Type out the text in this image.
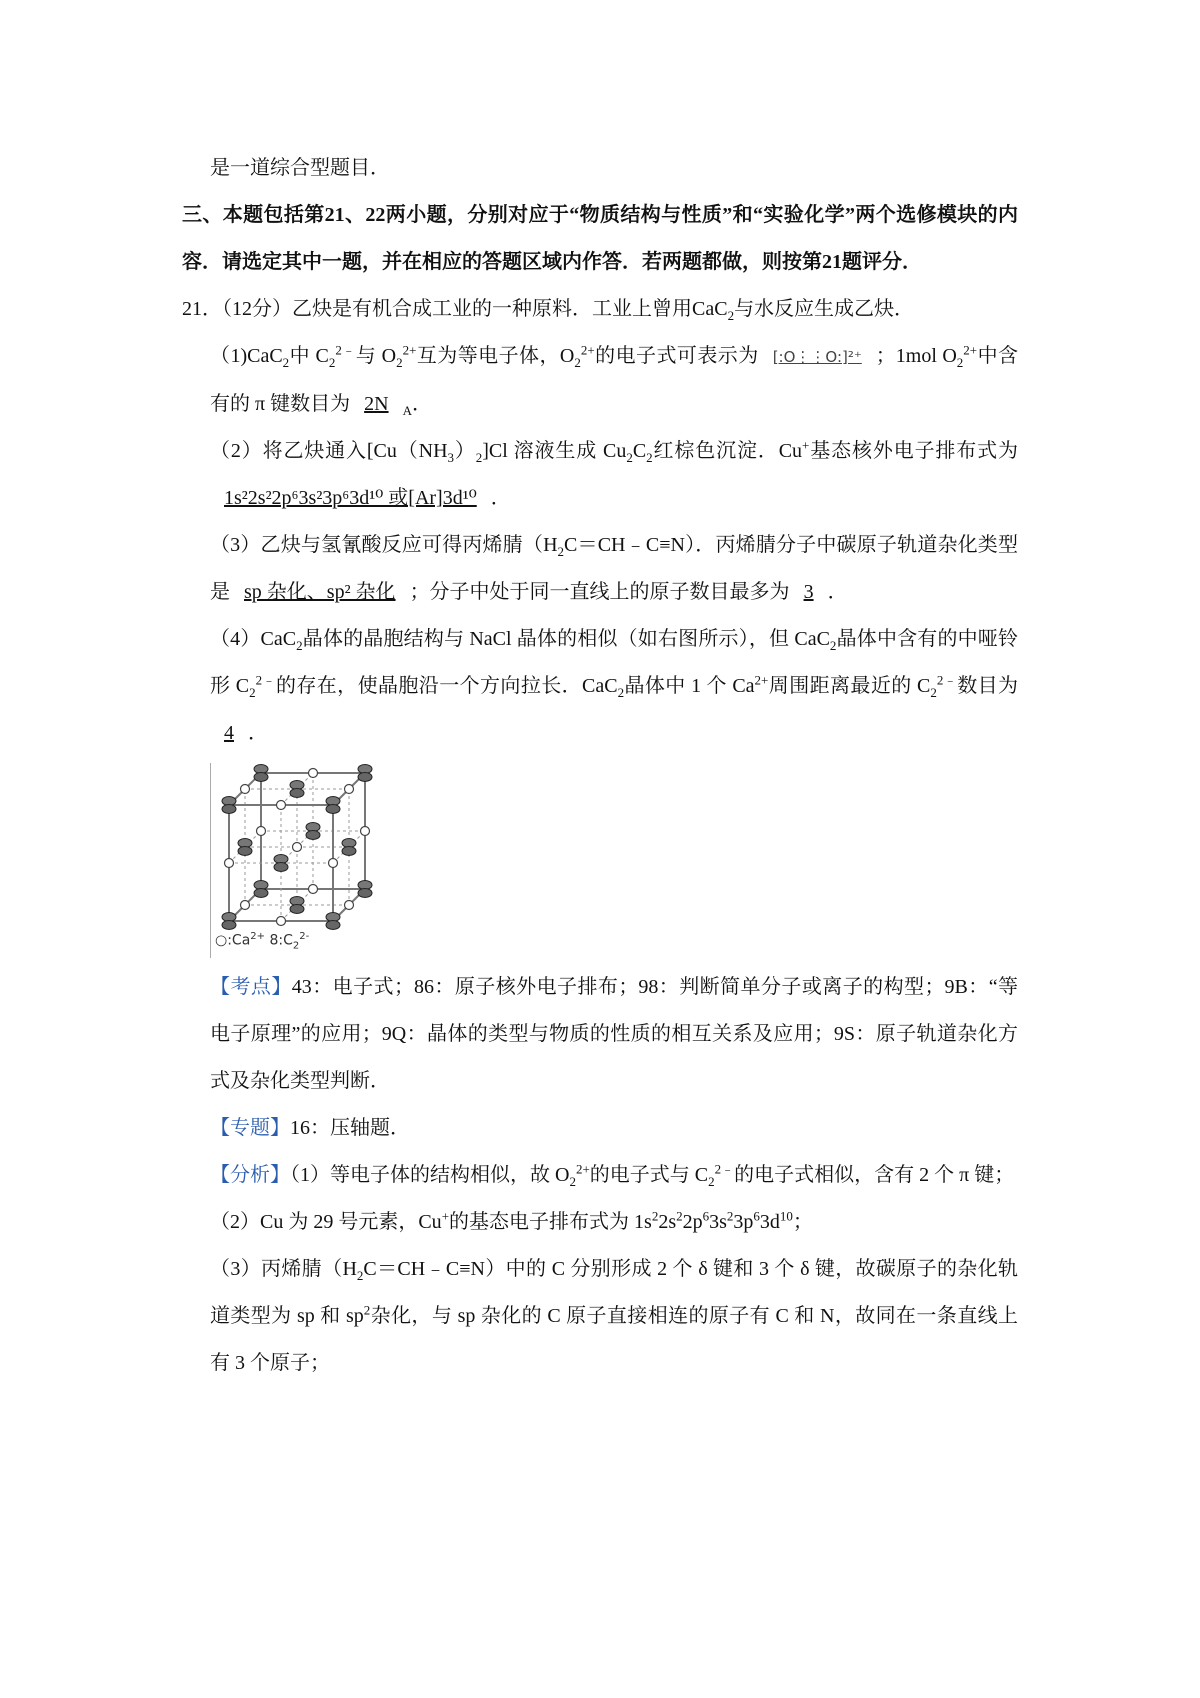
是一道综合型题目．

三、本题包括第21、22两小题，分别对应于“物质结构与性质”和“实验化学”两个选修模块的内容．请选定其中一题，并在相应的答题区域内作答．若两题都做，则按第21题评分．

21．（12分）乙炔是有机合成工业的一种原料．工业上曾用CaC$_2$与水反应生成乙炔．

（1)CaC$_2$中 $C_2^{2﹣}$与 $O_2^{2+}$互为等电子体，$O_2^{2+}$的电子式可表示为 [:O⋮⋮O:]²⁺ ；1mol $O_2^{2+}$中含有的 π 键数目为 2N $_A$．

（2）将乙炔通入$[Cu(NH_3)_2]Cl$ 溶液生成 $Cu_2C_2$红棕色沉淀．Cu+基态核外电子排布式为1s²2s²2p⁶3s²3p⁶3d¹⁰ 或[Ar]3d¹⁰ ．

（3）乙炔与氢氰酸反应可得丙烯腈$(H_2C=CH﹣C\equiv N)$．丙烯腈分子中碳原子轨道杂化类型是 sp 杂化、sp² 杂化 ；分子中处于同一直线上的原子数目最多为 3 ．

（4）CaC$_2$晶体的晶胞结构与 NaCl 晶体的相似（如右图所示），但 CaC$_2$晶体中含有的中哑铃形 $C_2^{2﹣}$的存在，使晶胞沿一个方向拉长．CaC$_2$晶体中 1 个 $Ca^{2+}$周围距离最近的 $C_2^{2﹣}$数目为4 ．

$○:Ca^{2+}$ $8:C_2^{2-}$

【考点】43：电子式；86：原子核外电子排布；98：判断简单分子或离子的构型；9B：“等电子原理”的应用；9Q：晶体的类型与物质的性质的相互关系及应用；9S：原子轨道杂化方式及杂化类型判断．

【专题】16：压轴题．

【分析】（1）等电子体的结构相似，故 $O_2^{2+}$的电子式与 $C_2^{2﹣}$的电子式相似，含有 2 个 π 键；

（2）Cu 为 29 号元素，Cu+的基态电子排布式为 $1s^22s^22p^63s^23p^63d^{10}$；

（3）丙烯腈$(H_2C=CH﹣C\equiv N)$中的 C 分别形成 2 个 δ 键和 3 个 δ 键，故碳原子的杂化轨道类型为 sp 和 $sp^2$杂化，与 sp 杂化的 C 原子直接相连的原子有 C 和 N，故同在一条直线上有 3 个原子；
